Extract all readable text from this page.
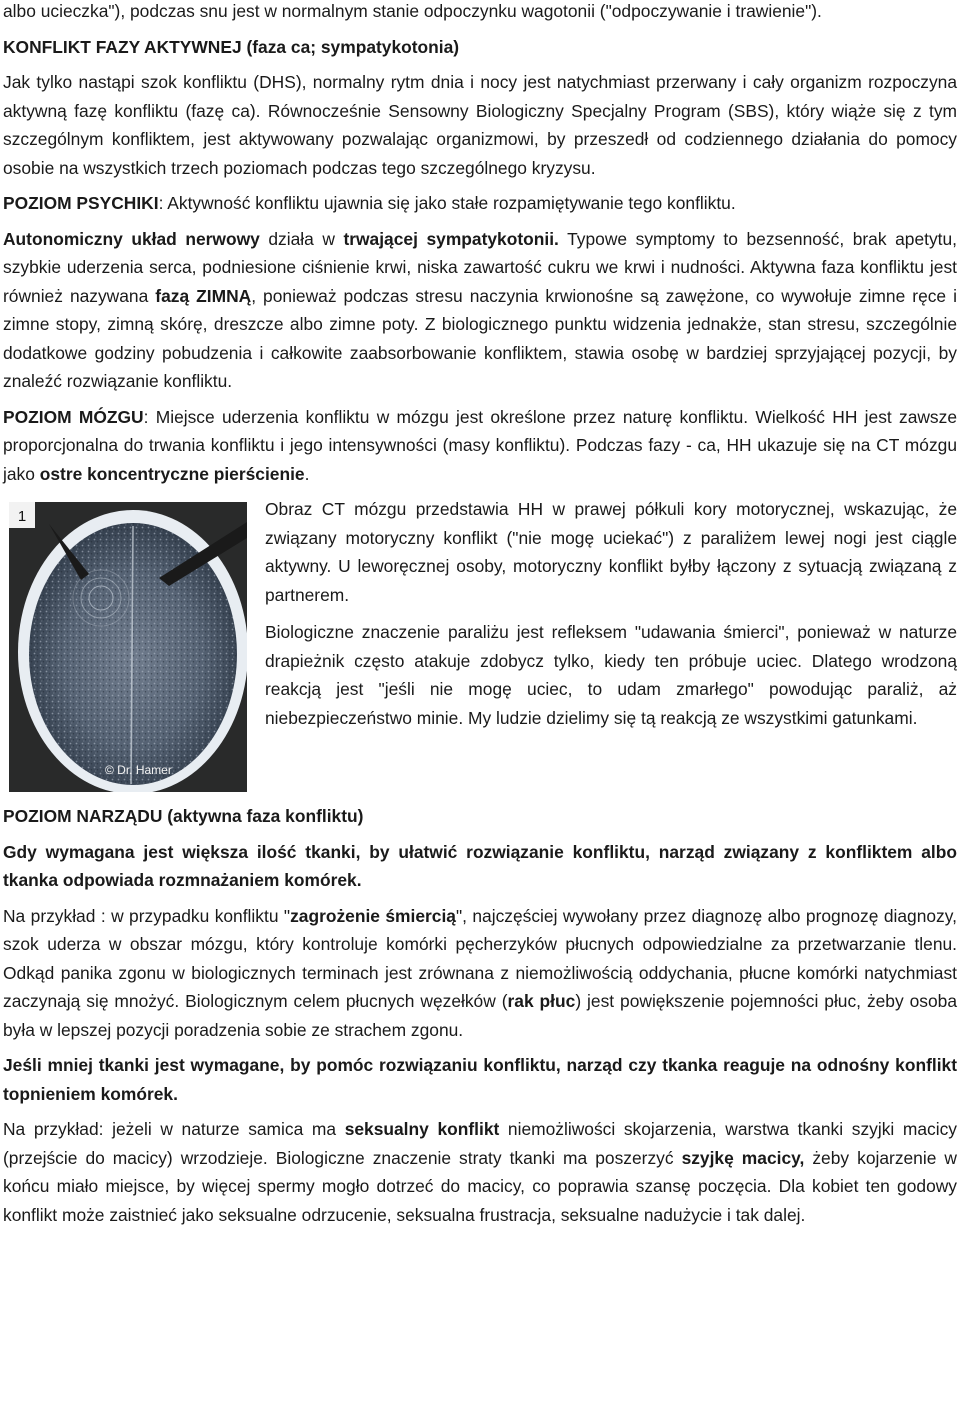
albo ucieczka"), podczas snu jest w normalnym stanie odpoczynku wagotonii ("odpoczywanie i trawienie").

KONFLIKT FAZY AKTYWNEJ (faza ca; sympatykotonia)

Jak tylko nastąpi szok konfliktu (DHS), normalny rytm dnia i nocy jest natychmiast przerwany i cały organizm rozpoczyna aktywną fazę konfliktu (fazę ca). Równocześnie Sensowny Biologiczny Specjalny Program (SBS), który wiąże się z tym szczególnym konfliktem, jest aktywowany pozwalając organizmowi, by przeszedł od codziennego działania do pomocy osobie na wszystkich trzech poziomach podczas tego szczególnego kryzysu.

POZIOM PSYCHIKI: Aktywność konfliktu ujawnia się jako stałe rozpamiętywanie tego konfliktu.

Autonomiczny układ nerwowy działa w trwającej sympatykotonii. Typowe symptomy to bezsenność, brak apetytu, szybkie uderzenia serca, podniesione ciśnienie krwi, niska zawartość cukru we krwi i nudności. Aktywna faza konfliktu jest również nazywana fazą ZIMNĄ, ponieważ podczas stresu naczynia krwionośne są zawężone, co wywołuje zimne ręce i zimne stopy, zimną skórę, dreszcze albo zimne poty. Z biologicznego punktu widzenia jednakże, stan stresu, szczególnie dodatkowe godziny pobudzenia i całkowite zaabsorbowanie konfliktem, stawia osobę w bardziej sprzyjającej pozycji, by znaleźć rozwiązanie konfliktu.

POZIOM MÓZGU: Miejsce uderzenia konfliktu w mózgu jest określone przez naturę konfliktu. Wielkość HH jest zawsze proporcjonalna do trwania konfliktu i jego intensywności (masy konfliktu). Podczas fazy - ca, HH ukazuje się na CT mózgu jako ostre koncentryczne pierścienie.

1
© Dr. Hamer

Obraz CT mózgu przedstawia HH w prawej półkuli kory motorycznej, wskazując, że związany motoryczny konflikt ("nie mogę uciekać") z paraliżem lewej nogi jest ciągle aktywny. U leworęcznej osoby, motoryczny konflikt byłby łączony z sytuacją związaną z partnerem.

Biologiczne znaczenie paraliżu jest refleksem "udawania śmierci", ponieważ w naturze drapieżnik często atakuje zdobycz tylko, kiedy ten próbuje uciec. Dlatego wrodzoną reakcją jest "jeśli nie mogę uciec, to udam zmarłego" powodując paraliż, aż niebezpieczeństwo minie. My ludzie dzielimy się tą reakcją ze wszystkimi gatunkami.

POZIOM NARZĄDU (aktywna faza konfliktu)

Gdy wymagana jest większa ilość tkanki, by ułatwić rozwiązanie konfliktu, narząd związany z konfliktem albo tkanka odpowiada rozmnażaniem komórek.

Na przykład : w przypadku konfliktu "zagrożenie śmiercią", najczęściej wywołany przez diagnozę albo prognozę diagnozy, szok uderza w obszar mózgu, który kontroluje komórki pęcherzyków płucnych odpowiedzialne za przetwarzanie tlenu. Odkąd panika zgonu w biologicznych terminach jest zrównana z niemożliwością oddychania, płucne komórki natychmiast zaczynają się mnożyć. Biologicznym celem płucnych węzełków (rak płuc) jest powiększenie pojemności płuc, żeby osoba była w lepszej pozycji poradzenia sobie ze strachem zgonu.

Jeśli mniej tkanki jest wymagane, by pomóc rozwiązaniu konfliktu, narząd czy tkanka reaguje na odnośny konflikt topnieniem komórek.

Na przykład: jeżeli w naturze samica ma seksualny konflikt niemożliwości skojarzenia, warstwa tkanki szyjki macicy (przejście do macicy) wrzodzieje. Biologiczne znaczenie straty tkanki ma poszerzyć szyjkę macicy, żeby kojarzenie w końcu miało miejsce, by więcej spermy mogło dotrzeć do macicy, co poprawia szansę poczęcia. Dla kobiet ten godowy konflikt może zaistnieć jako seksualne odrzucenie, seksualna frustracja, seksualne nadużycie i tak dalej.
